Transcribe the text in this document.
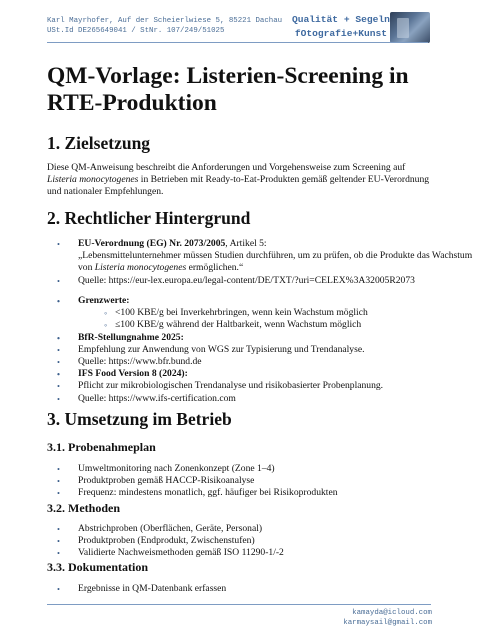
Karl Mayrhofer, Auf der Scheierlwiese 5, 85221 Dachau
USt.Id DE265649041 / StNr. 107/249/51025
Qualität + Segeln
fOtografie+Kunst
QM-Vorlage: Listerien-Screening in RTE-Produktion
1. Zielsetzung

Diese QM-Anweisung beschreibt die Anforderungen und Vorgehensweise zum Screening auf Listeria monocytogenes in Betrieben mit Ready-to-Eat-Produkten gemäß geltender EU-Verordnung und nationaler Empfehlungen.

2. Rechtlicher Hintergrund
• EU-Verordnung (EG) Nr. 2073/2005, Artikel 5:
„Lebensmittelunternehmer müssen Studien durchführen, um zu prüfen, ob die Produkte das Wachstum von Listeria monocytogenes ermöglichen.“
• Quelle: https://eur-lex.europa.eu/legal-content/DE/TXT/?uri=CELEX%3A32005R2073
• Grenzwerte:
◦ <100 KBE/g bei Inverkehrbringen, wenn kein Wachstum möglich
◦ ≤100 KBE/g während der Haltbarkeit, wenn Wachstum möglich
• BfR-Stellungnahme 2025:
• Empfehlung zur Anwendung von WGS zur Typisierung und Trendanalyse.
• Quelle: https://www.bfr.bund.de
• IFS Food Version 8 (2024):
• Pflicht zur mikrobiologischen Trendanalyse und risikobasierter Probenplanung.
• Quelle: https://www.ifs-certification.com
3. Umsetzung im Betrieb
3.1. Probenahmeplan
• Umweltmonitoring nach Zonenkonzept (Zone 1–4)
• Produktproben gemäß HACCP-Risikoanalyse
• Frequenz: mindestens monatlich, ggf. häufiger bei Risikoprodukten
3.2. Methoden
• Abstrichproben (Oberflächen, Geräte, Personal)
• Produktproben (Endprodukt, Zwischenstufen)
• Validierte Nachweismethoden gemäß ISO 11290-1/-2
3.3. Dokumentation
• Ergebnisse in QM-Datenbank erfassen
kamayda@icloud.com
karmaysail@gmail.com
